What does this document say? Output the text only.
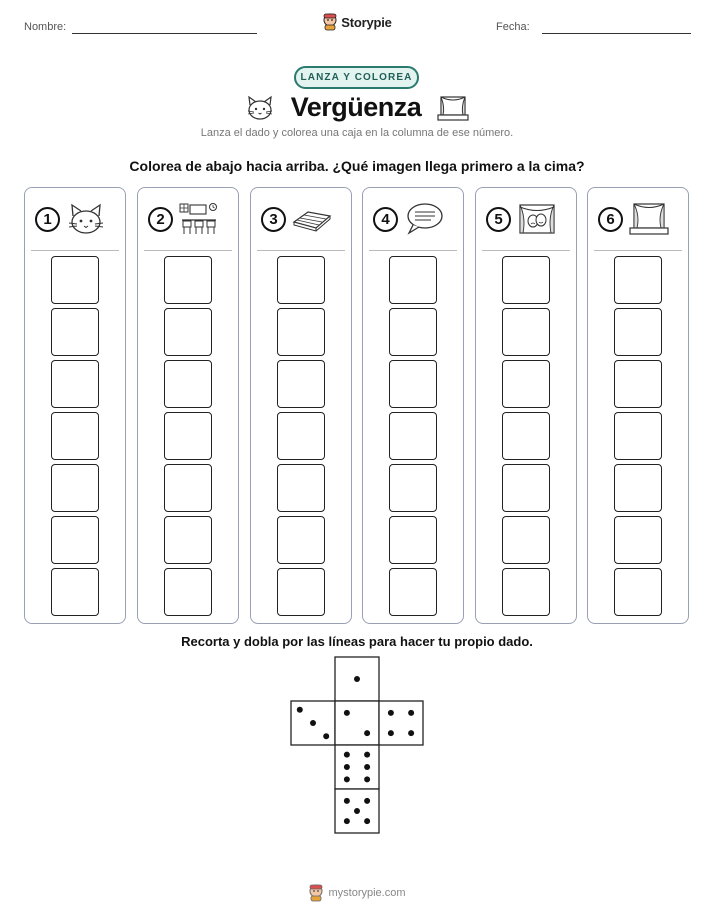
Nombre:	Fecha:
Storypie
LANZA Y COLOREA
Vergüenza
Lanza el dado y colorea una caja en la columna de ese número.
Colorea de abajo hacia arriba. ¿Qué imagen llega primero a la cima?
1	2	3	4	5	6
Recorta y dobla por las líneas para hacer tu propio dado.
mystorypie.com
